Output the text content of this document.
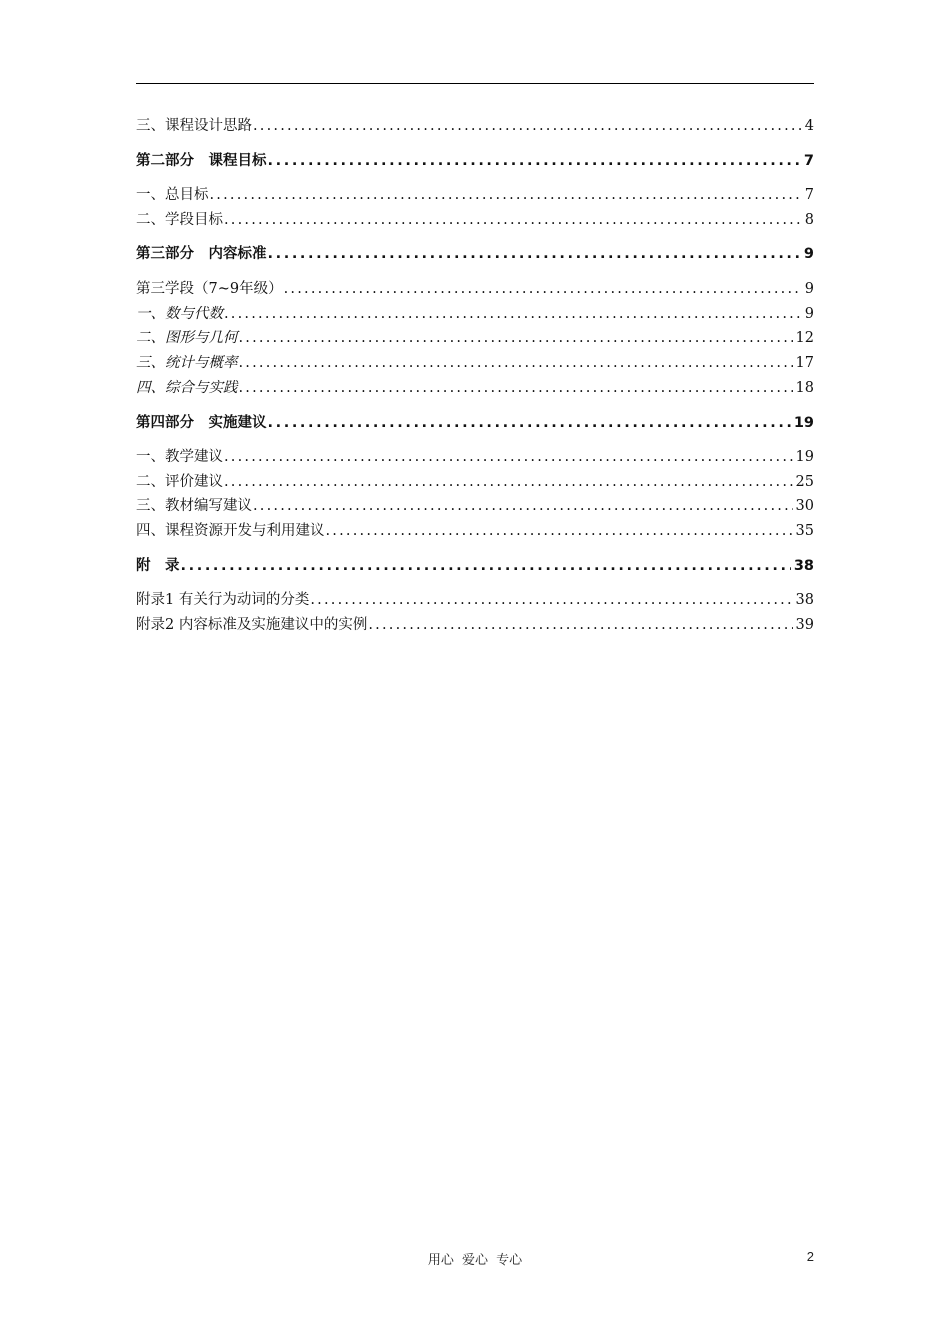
三、课程设计思路 .....	4
第二部分　课程目标 .....	7
一、总目标 .....	7
二、学段目标 .....	8
第三部分　内容标准 .....	9
第三学段（7~9年级） .....	9
一、数与代数 .....	9
二、图形与几何 .....	12
三、统计与概率 .....	17
四、综合与实践 .....	18
第四部分　实施建议 .....	19
一、教学建议 .....	19
二、评价建议 .....	25
三、教材编写建议 .....	30
四、课程资源开发与利用建议 .....	35
附　录 .....	38
附录1 有关行为动词的分类 .....	38
附录2 内容标准及实施建议中的实例 .....	39
用心 爱心 专心	2
